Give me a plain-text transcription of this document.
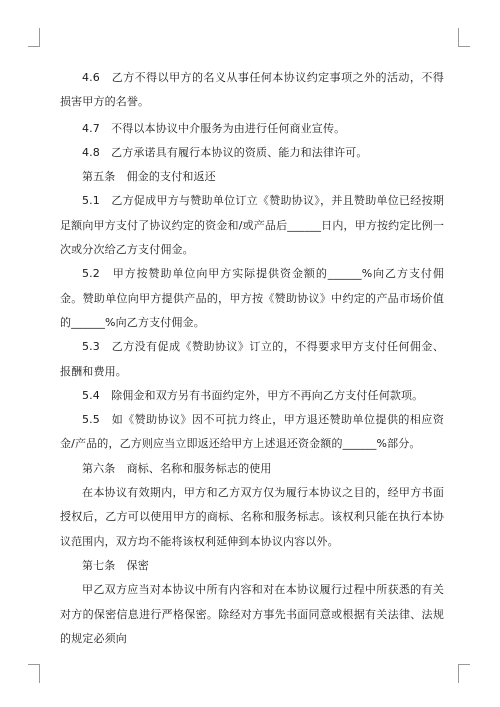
4.6　乙方不得以甲方的名义从事任何本协议约定事项之外的活动，不得损害甲方的名誉。

4.7　不得以本协议中介服务为由进行任何商业宣传。

4.8　乙方承诺具有履行本协议的资质、能力和法律许可。

第五条　佣金的支付和返还

5.1　乙方促成甲方与赞助单位订立《赞助协议》，并且赞助单位已经按期足额向甲方支付了协议约定的资金和/或产品后______日内，甲方按约定比例一次或分次给乙方支付佣金。

5.2　甲方按赞助单位向甲方实际提供资金额的______%向乙方支付佣金。赞助单位向甲方提供产品的，甲方按《赞助协议》中约定的产品市场价值的______%向乙方支付佣金。

5.3　乙方没有促成《赞助协议》订立的，不得要求甲方支付任何佣金、报酬和费用。

5.4　除佣金和双方另有书面约定外，甲方不再向乙方支付任何款项。

5.5　如《赞助协议》因不可抗力终止，甲方退还赞助单位提供的相应资金/产品的，乙方则应当立即返还给甲方上述退还资金额的______%部分。

第六条　商标、名称和服务标志的使用

在本协议有效期内，甲方和乙方双方仅为履行本协议之目的，经甲方书面授权后，乙方可以使用甲方的商标、名称和服务标志。该权利只能在执行本协议范围内，双方均不能将该权利延伸到本协议内容以外。

第七条　保密

甲乙双方应当对本协议中所有内容和对在本协议履行过程中所获悉的有关对方的保密信息进行严格保密。除经对方事先书面同意或根据有关法律、法规的规定必须向
